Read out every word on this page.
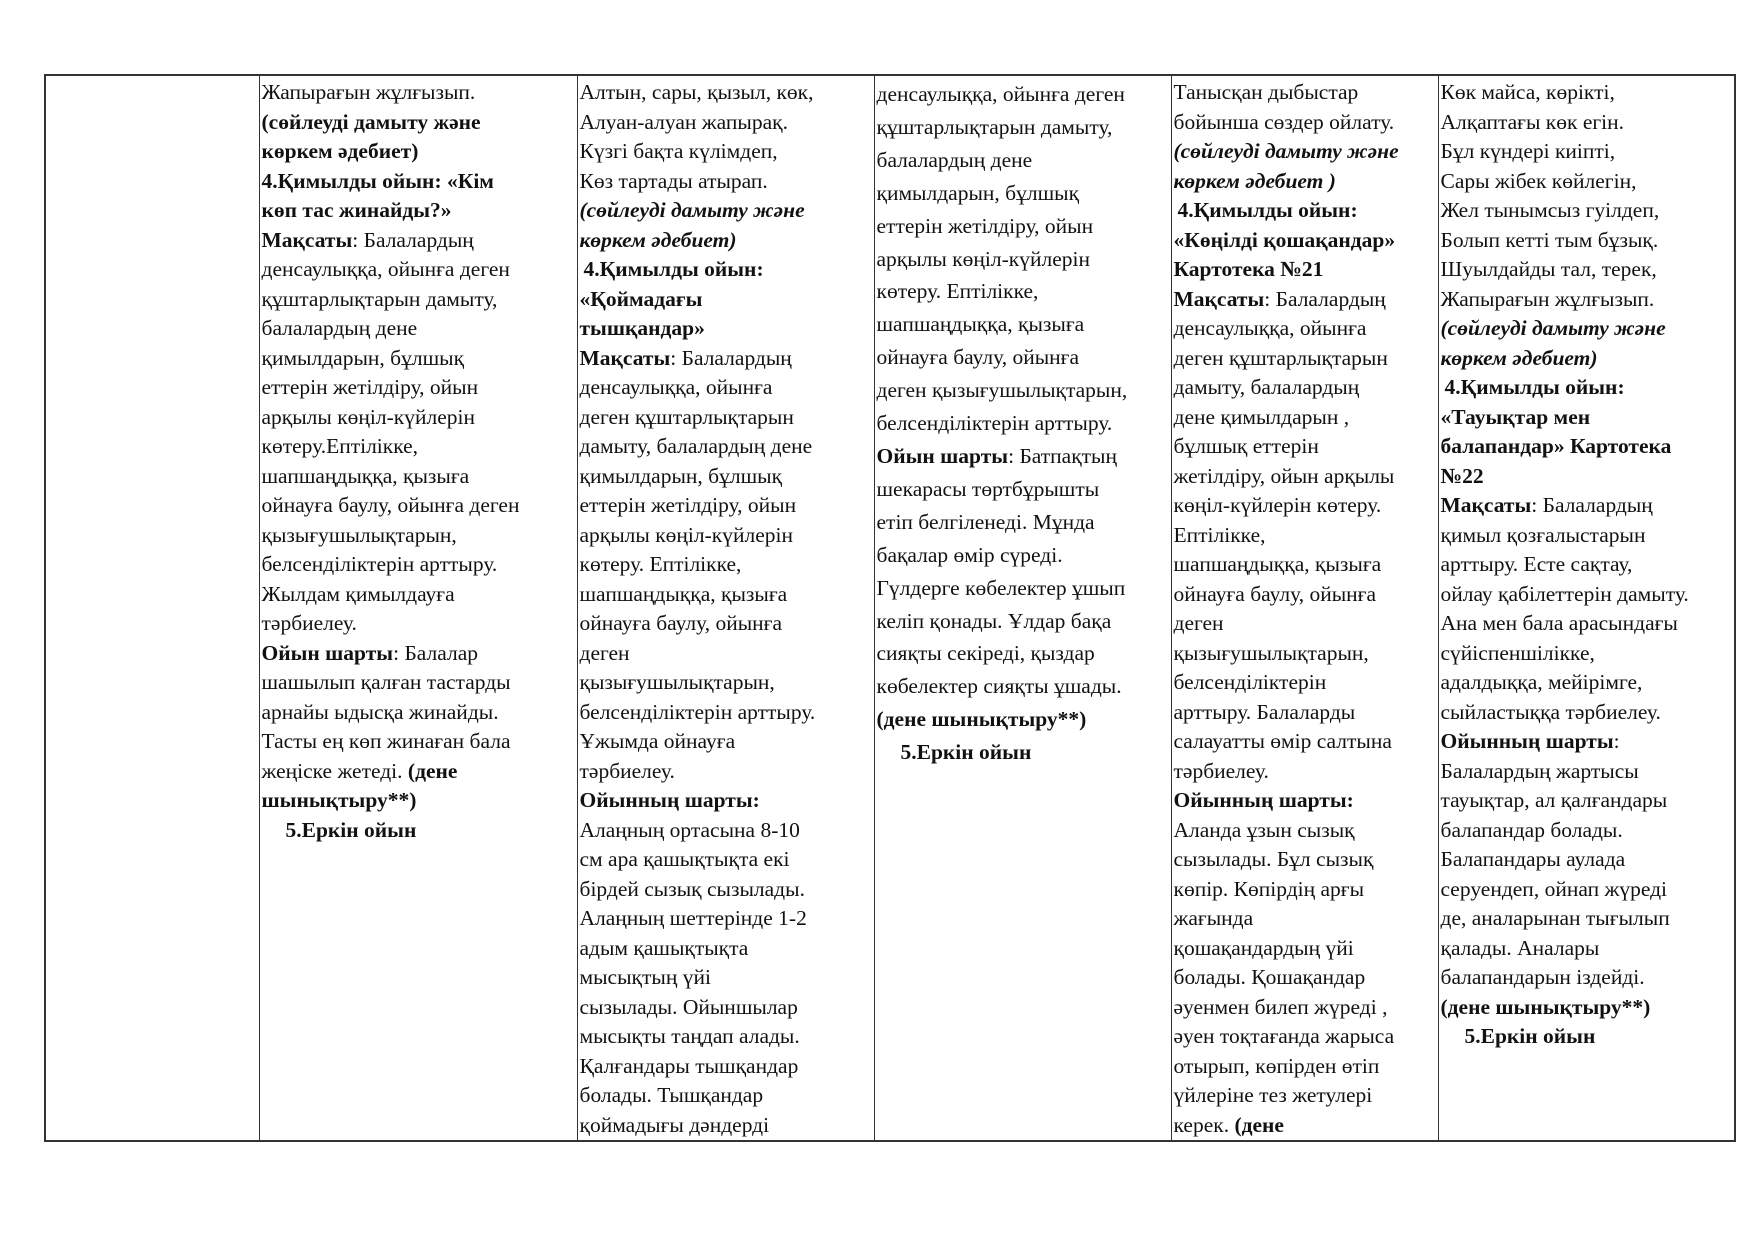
Жапырағын жұлғызып.
(сөйлеуді дамыту және
көркем әдебиет)
4.Қимылды ойын: «Кім
көп тас жинайды?»
Мақсаты: Балалардың
денсаулыққа, ойынға деген
құштарлықтарын дамыту,
балалардың дене
қимылдарын, бұлшық
еттерін жетілдіру, ойын
арқылы көңіл-күйлерін
көтеру.Ептілікке,
шапшаңдыққа, қызыға
ойнауға баулу, ойынға деген
қызығушылықтарын,
белсенділіктерін арттыру.
Жылдам қимылдауға
тәрбиелеу.
Ойын шарты: Балалар
шашылып қалған тастарды
арнайы ыдысқа жинайды.
Тасты ең көп жинаған бала
жеңіске жетеді. (дене
шынықтыру**)
5.Еркін ойын

Алтын, сары, қызыл, көк,
Алуан-алуан жапырақ.
Күзгі бақта күлімдеп,
Көз тартады атырап.
(сөйлеуді дамыту және
көркем әдебиет)
4.Қимылды ойын:
«Қоймадағы
тышқандар»
Мақсаты: Балалардың
денсаулыққа, ойынға
деген құштарлықтарын
дамыту, балалардың дене
қимылдарын, бұлшық
еттерін жетілдіру, ойын
арқылы көңіл-күйлерін
көтеру. Ептілікке,
шапшаңдыққа, қызыға
ойнауға баулу, ойынға
деген
қызығушылықтарын,
белсенділіктерін арттыру.
Ұжымда ойнауға
тәрбиелеу.
Ойынның шарты:
Алаңның ортасына 8-10
см ара қашықтықта екі
бірдей сызық сызылады.
Алаңның шеттерінде 1-2
адым қашықтықта
мысықтың үйі
сызылады. Ойыншылар
мысықты таңдап алады.
Қалғандары тышқандар
болады. Тышқандар
қоймадығы дәндерді

денсаулыққа, ойынға деген
құштарлықтарын дамыту,
балалардың дене
қимылдарын, бұлшық
еттерін жетілдіру, ойын
арқылы көңіл-күйлерін
көтеру. Ептілікке,
шапшаңдыққа, қызыға
ойнауға баулу, ойынға
деген қызығушылықтарын,
белсенділіктерін арттыру.
Ойын шарты: Батпақтың
шекарасы төртбұрышты
етіп белгіленеді. Мұнда
бақалар өмір сүреді.
Гүлдерге көбелектер ұшып
келіп қонады. Ұлдар бақа
сияқты секіреді, қыздар
көбелектер сияқты ұшады.
(дене шынықтыру**)
5.Еркін ойын

Танысқан дыбыстар
бойынша сөздер ойлату.
(сөйлеуді дамыту және
көркем әдебиет )
4.Қимылды ойын:
«Көңілді қошақандар»
Картотека №21
Мақсаты: Балалардың
денсаулыққа, ойынға
деген құштарлықтарын
дамыту, балалардың
дене қимылдарын ,
бұлшық еттерін
жетілдіру, ойын арқылы
көңіл-күйлерін көтеру.
Ептілікке,
шапшаңдыққа, қызыға
ойнауға баулу, ойынға
деген
қызығушылықтарын,
белсенділіктерін
арттыру. Балаларды
салауатты өмір салтына
тәрбиелеу.
Ойынның шарты:
Аланда ұзын сызық
сызылады. Бұл сызық
көпір. Көпірдің арғы
жағында
қошақандардың үйі
болады. Қошақандар
әуенмен билеп жүреді ,
әуен тоқтағанда жарыса
отырып, көпірден өтіп
үйлеріне тез жетулері
керек. (дене

Көк майса, көрікті,
Алқаптағы көк егін.
Бұл күндері киіпті,
Сары жібек көйлегін,
Жел тынымсыз гуілдеп,
Болып кетті тым бұзық.
Шуылдайды тал, терек,
Жапырағын жұлғызып.
(сөйлеуді дамыту және
көркем әдебиет)
4.Қимылды ойын:
«Тауықтар мен
балапандар» Картотека
№22
Мақсаты: Балалардың
қимыл қозғалыстарын
арттыру. Есте сақтау,
ойлау қабілеттерін дамыту.
Ана мен бала арасындағы
сүйіспеншілікке,
адалдыққа, мейірімге,
сыйластыққа тәрбиелеу.
Ойынның шарты:
Балалардың жартысы
тауықтар, ал қалғандары
балапандар болады.
Балапандары аулада
серуендеп, ойнап жүреді
де, аналарынан тығылып
қалады. Аналары
балапандарын іздейді.
(дене шынықтыру**)
5.Еркін ойын
